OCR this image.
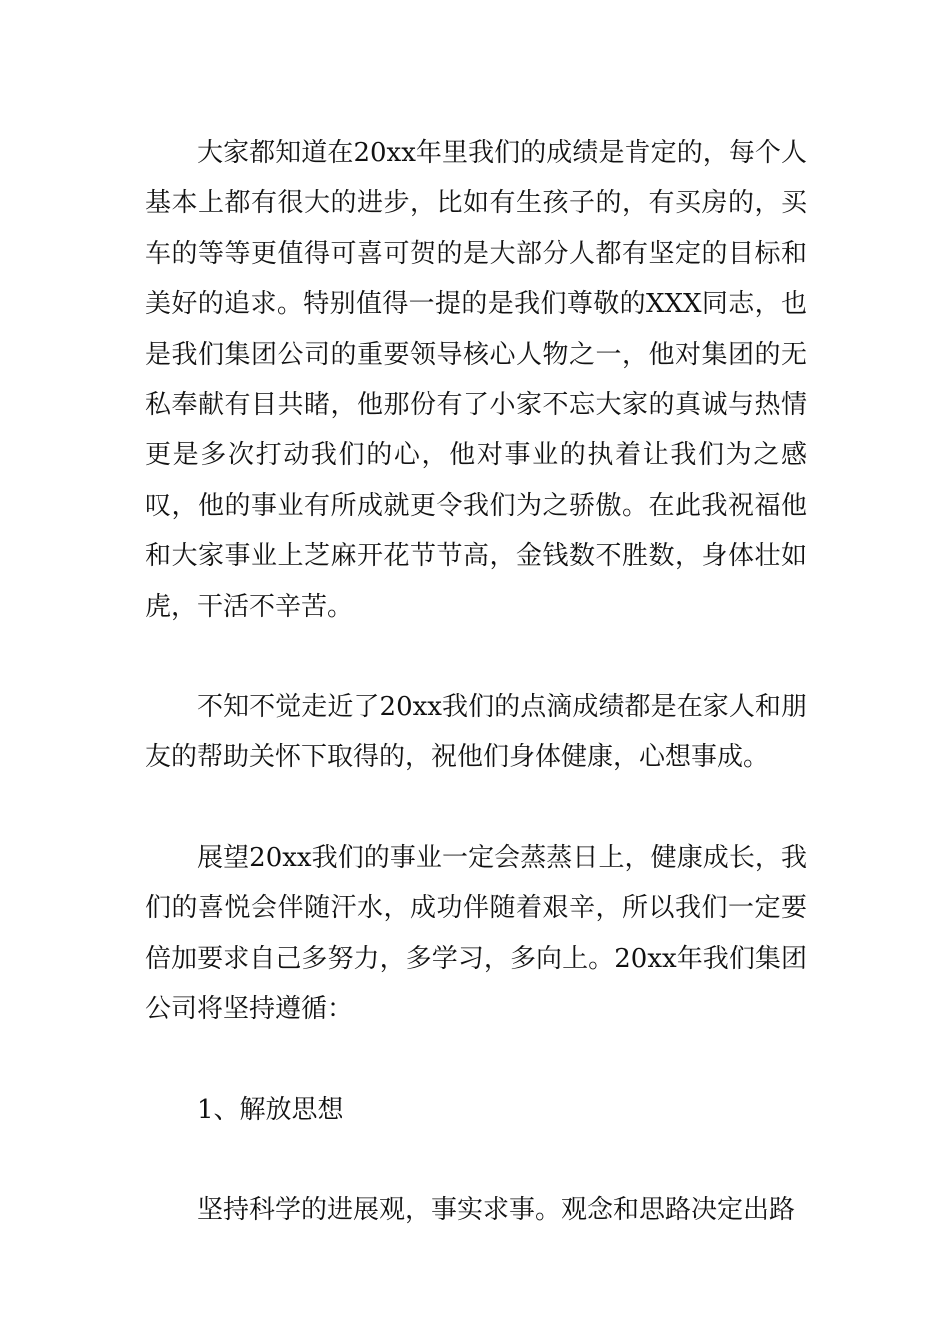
大家都知道在20xx年里我们的成绩是肯定的，每个人基本上都有很大的进步，比如有生孩子的，有买房的，买车的等等更值得可喜可贺的是大部分人都有坚定的目标和美好的追求。特别值得一提的是我们尊敬的XXX同志，也是我们集团公司的重要领导核心人物之一，他对集团的无私奉献有目共睹，他那份有了小家不忘大家的真诚与热情更是多次打动我们的心，他对事业的执着让我们为之感叹，他的事业有所成就更令我们为之骄傲。在此我祝福他和大家事业上芝麻开花节节高，金钱数不胜数，身体壮如虎，干活不辛苦。

不知不觉走近了20xx我们的点滴成绩都是在家人和朋友的帮助关怀下取得的，祝他们身体健康，心想事成。

展望20xx我们的事业一定会蒸蒸日上，健康成长，我们的喜悦会伴随汗水，成功伴随着艰辛，所以我们一定要倍加要求自己多努力，多学习，多向上。20xx年我们集团公司将坚持遵循：

1、解放思想

坚持科学的进展观，事实求事。观念和思路决定出路
